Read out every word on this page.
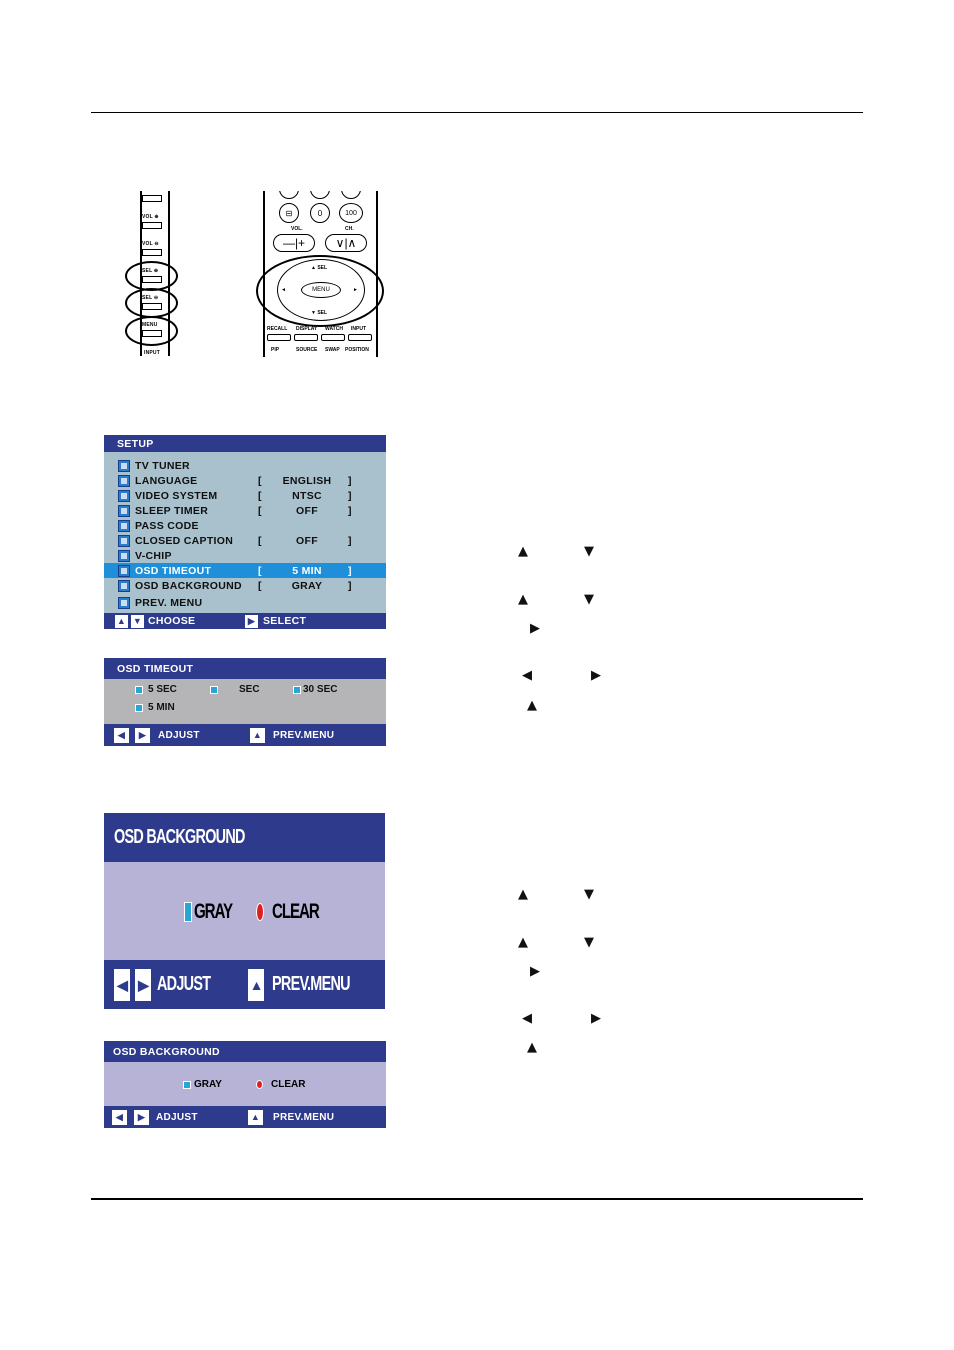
VOL ⊕
VOL ⊖
SEL ⊕
SEL ⊖
MENU
INPUT
⊟	0	100
VOL.	CH.
—|+	∨|∧
▲ SEL
▼ SEL
MENU
◄	►
RECALL DISPLAY WATCH INPUT
PIP	SOURCE SWAP POSITION
SETUP
TV TUNER
LANGUAGE	[	ENGLISH	]
VIDEO SYSTEM	[	NTSC	]
SLEEP TIMER	[	OFF	]
PASS CODE
CLOSED CAPTION [	OFF	]
V-CHIP
OSD TIMEOUT	[	5 MIN	]
OSD BACKGROUND [	GRAY	]
PREV. MENU
▲ ▼ CHOOSE	▶ SELECT
OSD TIMEOUT
5 SEC	SEC	30 SEC
5 MIN
◀	▶	ADJUST	▲ PREV.MENU
OSD BACKGROUND
GRAY CLEAR
◀ ▶ ADJUST	▲ PREV.MENU
OSD BACKGROUND
GRAY	CLEAR
◀	▶	ADJUST	▲ PREV.MENU
▲	▼
▲	▼
▶
◀	▶
▲
▲	▼
▲	▼
▶
◀	▶
▲
